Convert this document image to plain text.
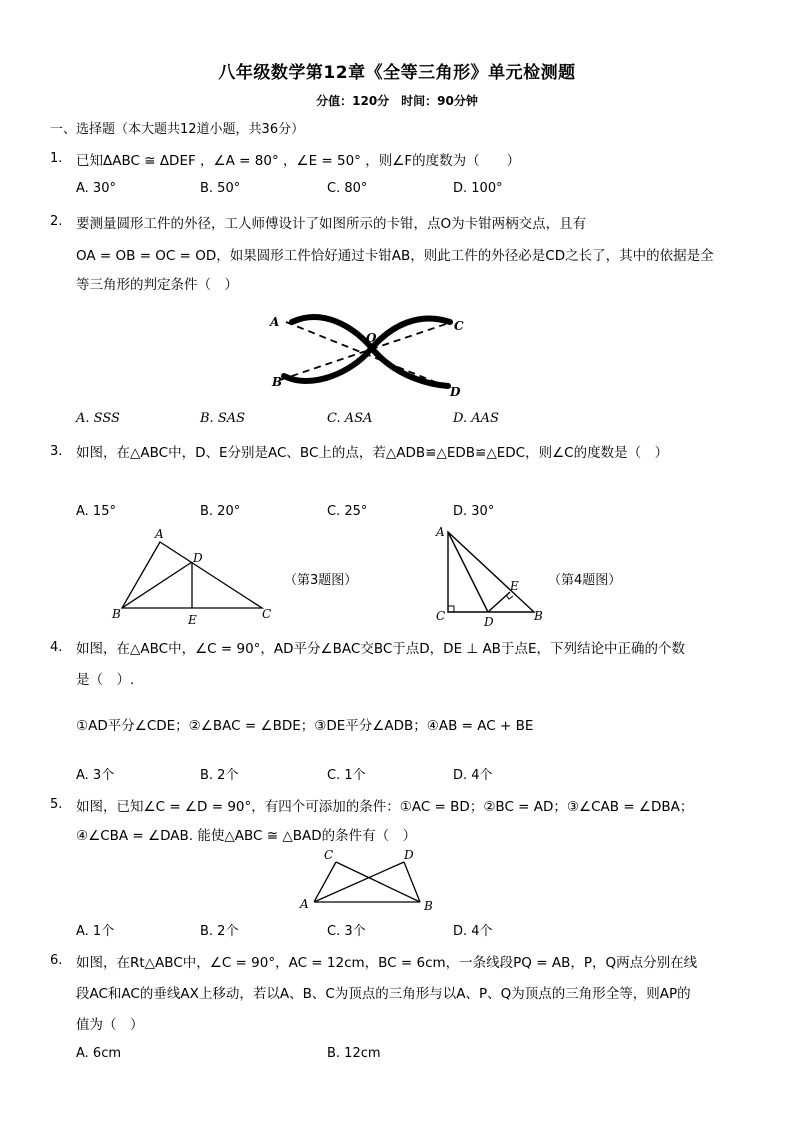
八年级数学第12章《全等三角形》单元检测题
分值：120分　时间：90分钟
一、选择题（本大题共12道小题，共36分）
1. 已知ΔABC ≅ ΔDEF ，∠A = 80° ，∠E = 50° ，则∠F的度数为（　　）
A. 30°	B. 50°	C. 80°	D. 100°
2. 要测量圆形工件的外径，工人师傅设计了如图所示的卡钳，点O为卡钳两柄交点，且有
OA = OB = OC = OD，如果圆形工件恰好通过卡钳AB，则此工件的外径必是CD之长了，其中的依据是全
等三角形的判定条件（　）
A
O
C
B
D
A. SSS	B. SAS	C. ASA	D. AAS
3. 如图，在△ABC中，D、E分别是AC、BC上的点，若△ADB≌△EDB≌△EDC，则∠C的度数是（　）
A. 15°	B. 20°	C. 25°	D. 30°
A
D
B	E	C
（第3题图）
A
E
C	D	B
（第4题图）
4. 如图，在△ABC中，∠C = 90°，AD平分∠BAC交BC于点D，DE ⊥ AB于点E，下列结论中正确的个数
是（　）.
①AD平分∠CDE；②∠BAC = ∠BDE；③DE平分∠ADB；④AB = AC + BE
A. 3个	B. 2个	C. 1个	D. 4个
5. 如图，已知∠C = ∠D = 90°，有四个可添加的条件：①AC = BD；②BC = AD；③∠CAB = ∠DBA；
④∠CBA = ∠DAB. 能使△ABC ≅ △BAD的条件有（　）
C	D
A	B
A. 1个	B. 2个	C. 3个	D. 4个
6. 如图，在Rt△ABC中，∠C = 90°，AC = 12cm，BC = 6cm，一条线段PQ = AB，P，Q两点分别在线
段AC和AC的垂线AX上移动，若以A、B、C为顶点的三角形与以A、P、Q为顶点的三角形全等，则AP的
值为（　）
A. 6cm	B. 12cm
